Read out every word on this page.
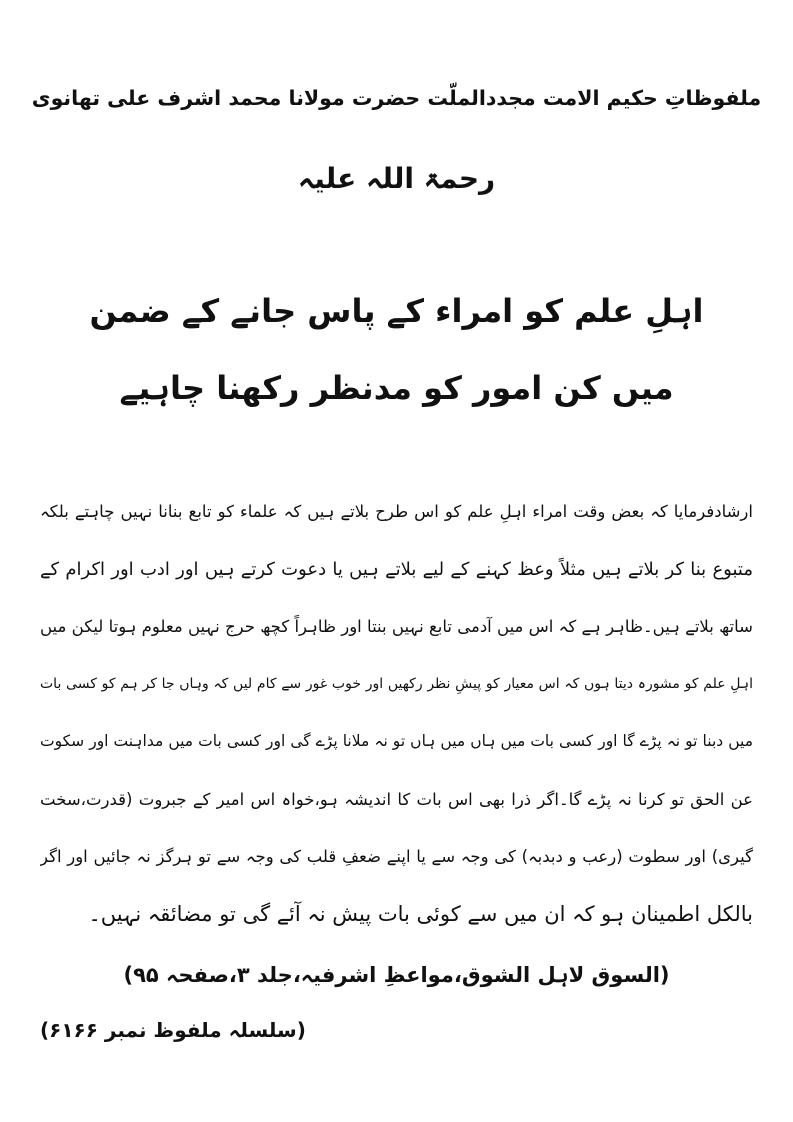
ملفوظاتِ حکیم الامت مجددالملّت حضرت مولانا محمد اشرف علی تھانوی
رحمۃ اللہ علیہ
اہلِ علم کو امراء کے پاس جانے کے ضمن
میں کن امور کو مدنظر رکھنا چاہیے
ارشادفرمایا کہ بعض وقت امراء اہلِ علم کو اس طرح بلاتے ہیں کہ علماء کو تابع بنانا نہیں چاہتے بلکہ
متبوع بنا کر بلاتے ہیں مثلاً وعظ کہنے کے لیے بلاتے ہیں یا دعوت کرتے ہیں اور ادب اور اکرام کے
ساتھ بلاتے ہیں۔ظاہر ہے کہ اس میں آدمی تابع نہیں بنتا اور ظاہراً کچھ حرج نہیں معلوم ہوتا لیکن میں
اہلِ علم کو مشورہ دیتا ہوں کہ اس معیار کو پیشِ نظر رکھیں اور خوب غور سے کام لیں کہ وہاں جا کر ہم کو کسی بات
میں دبنا تو نہ پڑے گا اور کسی بات میں ہاں میں ہاں تو نہ ملانا پڑے گی اور کسی بات میں مداہنت اور سکوت
عن الحق تو کرنا نہ پڑے گا۔اگر ذرا بھی اس بات کا اندیشہ ہو،خواہ اس امیر کے جبروت (قدرت،سخت
گیری) اور سطوت (رعب و دبدبہ) کی وجہ سے یا اپنے ضعفِ قلب کی وجہ سے تو ہرگز نہ جائیں اور اگر
بالکل اطمینان ہو کہ ان میں سے کوئی بات پیش نہ آئے گی تو مضائقہ نہیں۔
(السوق لاہل الشوق،مواعظِ اشرفیہ،جلد ۳،صفحہ ۹۵)
(سلسلہ ملفوظ نمبر ۶۱۶۶)
